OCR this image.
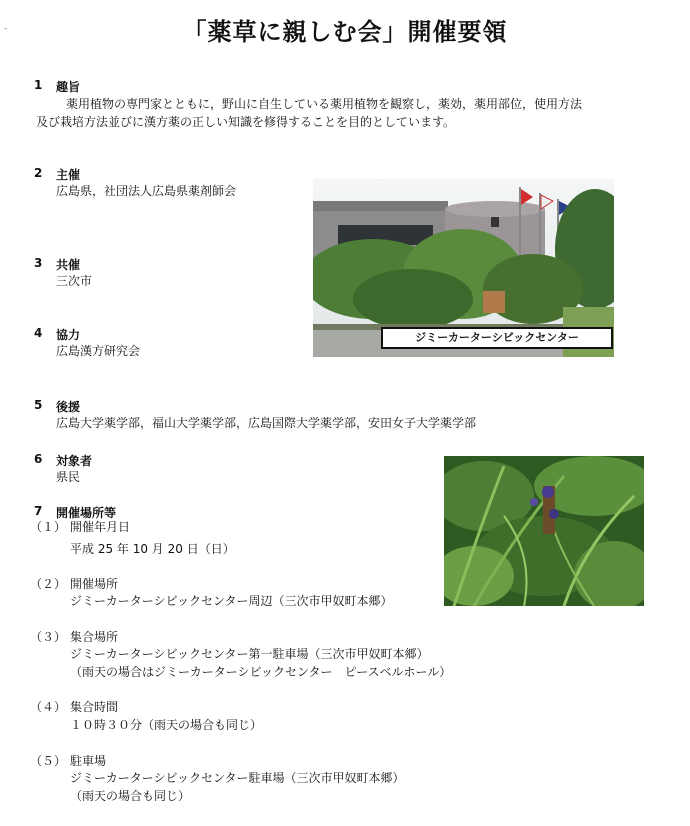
-	「薬草に親しむ会」開催要領
1 趣旨
薬用植物の専門家とともに，野山に自生している薬用植物を観察し，薬効，薬用部位，使用方法
及び栽培方法並びに漢方薬の正しい知識を修得することを目的としています。
2 主催
広島県，社団法人広島県薬剤師会
3 共催
三次市
4 協力
広島漢方研究会
ジミーカーターシビックセンター
5 後援
広島大学薬学部，福山大学薬学部，広島国際大学薬学部，安田女子大学薬学部
6 対象者
県民
7 開催場所等
（１） 開催年月日
平成 25 年 10 月 20 日（日）
（２） 開催場所
ジミーカーターシビックセンター周辺（三次市甲奴町本郷）
（３） 集合場所
ジミーカーターシビックセンター第一駐車場（三次市甲奴町本郷）
（雨天の場合はジミーカーターシビックセンター　ピースベルホール）
（４） 集合時間
１０時３０分（雨天の場合も同じ）
（５） 駐車場
ジミーカーターシビックセンター駐車場（三次市甲奴町本郷）
（雨天の場合も同じ）
